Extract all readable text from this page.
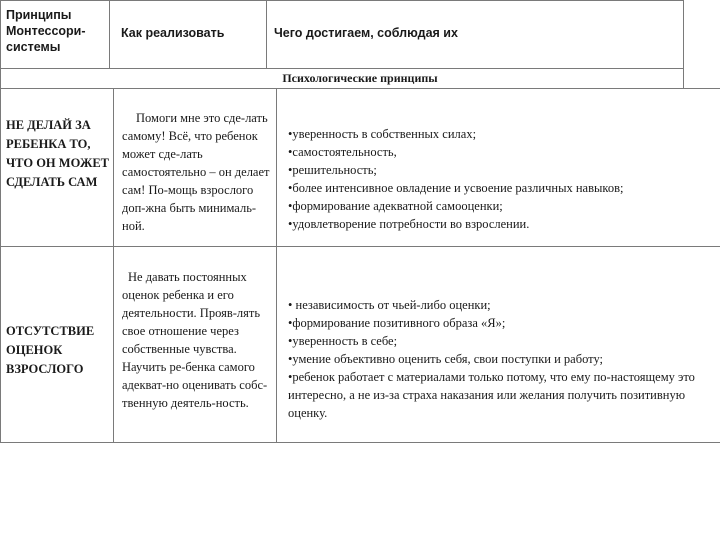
Принципы Монтессори-системы
Как реализовать	Чего достигаем, соблюдая их
Психологические принципы
НЕ ДЕЛАЙ ЗА РЕБЕНКА ТО, ЧТО ОН МОЖЕТ СДЕЛАТЬ САМ
Помоги мне это сде-лать самому! Всё, что ребенок может сде-лать самостоятельно – он делает сам! По-мощь взрослого доп-жна быть минималь-ной.
•уверенность в собственных силах;
•самостоятельность,
•решительность;
•более интенсивное овладение и усвоение различных навыков;
•формирование адекватной самооценки;
•удовлетворение потребности во взрослении.
ОТСУТСТВИЕ ОЦЕНОК ВЗРОСЛОГО
Не давать постоянных оценок ребенка и его деятельности. Прояв-лять свое отношение через собственные чувства. Научить ре-бенка самого адекват-но оценивать собс-твенную деятель-ность.
• независимость от чьей-либо оценки;
•формирование позитивного образа «Я»;
•уверенность в себе;
•умение объективно оценить себя, свои поступки и работу;
•ребенок работает с материалами только потому, что ему по-настоящему это интересно, а не из-за страха наказания или желания получить позитивную оценку.
